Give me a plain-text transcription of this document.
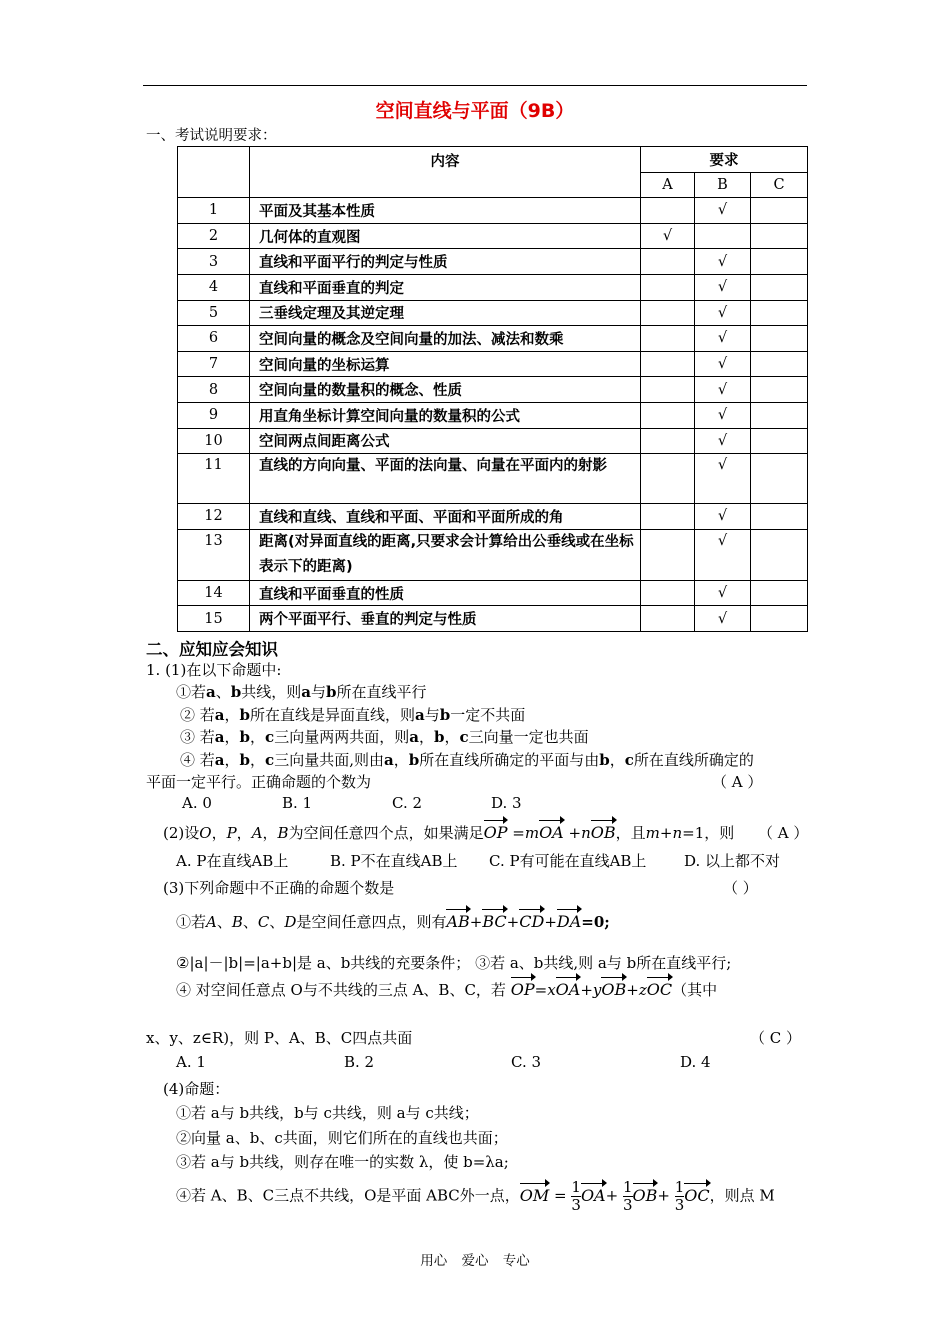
空间直线与平面（9B）
一、考试说明要求：
	内容	要求		
		A	B	C
1	平面及其基本性质		√	
2	几何体的直观图	√		
3	直线和平面平行的判定与性质		√	
4	直线和平面垂直的判定		√	
5	三垂线定理及其逆定理		√	
6	空间向量的概念及空间向量的加法、减法和数乘		√	
7	空间向量的坐标运算		√	
8	空间向量的数量积的概念、性质		√	
9	用直角坐标计算空间向量的数量积的公式		√	
10	空间两点间距离公式		√	
11	直线的方向向量、平面的法向量、向量在平面内的射影		√	
12	直线和直线、直线和平面、平面和平面所成的角		√	
13	距离(对异面直线的距离,只要求会计算给出公垂线或在坐标表示下的距离)		√	
14	直线和平面垂直的性质		√	
15	两个平面平行、垂直的判定与性质		√	
二、应知应会知识
1. (1)在以下命题中:
①若a、b共线，则a与b所在直线平行
② 若a，b所在直线是异面直线，则a与b一定不共面
③ 若a，b，c三向量两两共面，则a，b，c三向量一定也共面
④ 若a，b，c三向量共面,则由a，b所在直线所确定的平面与由b，c所在直线所确定的
平面一定平行。正确命题的个数为	（ A ）
A. 0	B. 1	C. 2	D. 3
(2)设O，P，A，B为空间任意四个点，如果满足OP =mOA +nOB，且m+n=1，则 （ A ）
A. P在直线AB上	B. P不在直线AB上 C. P有可能在直线AB上	D. 以上都不对
(3)下列命题中不正确的命题个数是	（ ）
①若A、B、C、D是空间任意四点，则有AB+BC+CD+DA=0;
②|a|－|b|=|a+b|是 a、b共线的充要条件； ③若 a、b共线,则 a与 b所在直线平行;
④ 对空间任意点 O与不共线的三点 A、B、C，若 OP=xOA+yOB+zOC（其中
x、y、z∈R)，则 P、A、B、C四点共面	（ C ）
A. 1	B. 2	C. 3	D. 4
(4)命题：
①若 a与 b共线，b与 c共线，则 a与 c共线；
②向量 a、b、c共面，则它们所在的直线也共面；
③若 a与 b共线，则存在唯一的实数 λ，使 b=λa;
④若 A、B、C三点不共线，O是平面 ABC外一点，OM = 1
3
OA+ 1
3
OB+ 1
3
OC，则点 M
用心 爱心 专心
